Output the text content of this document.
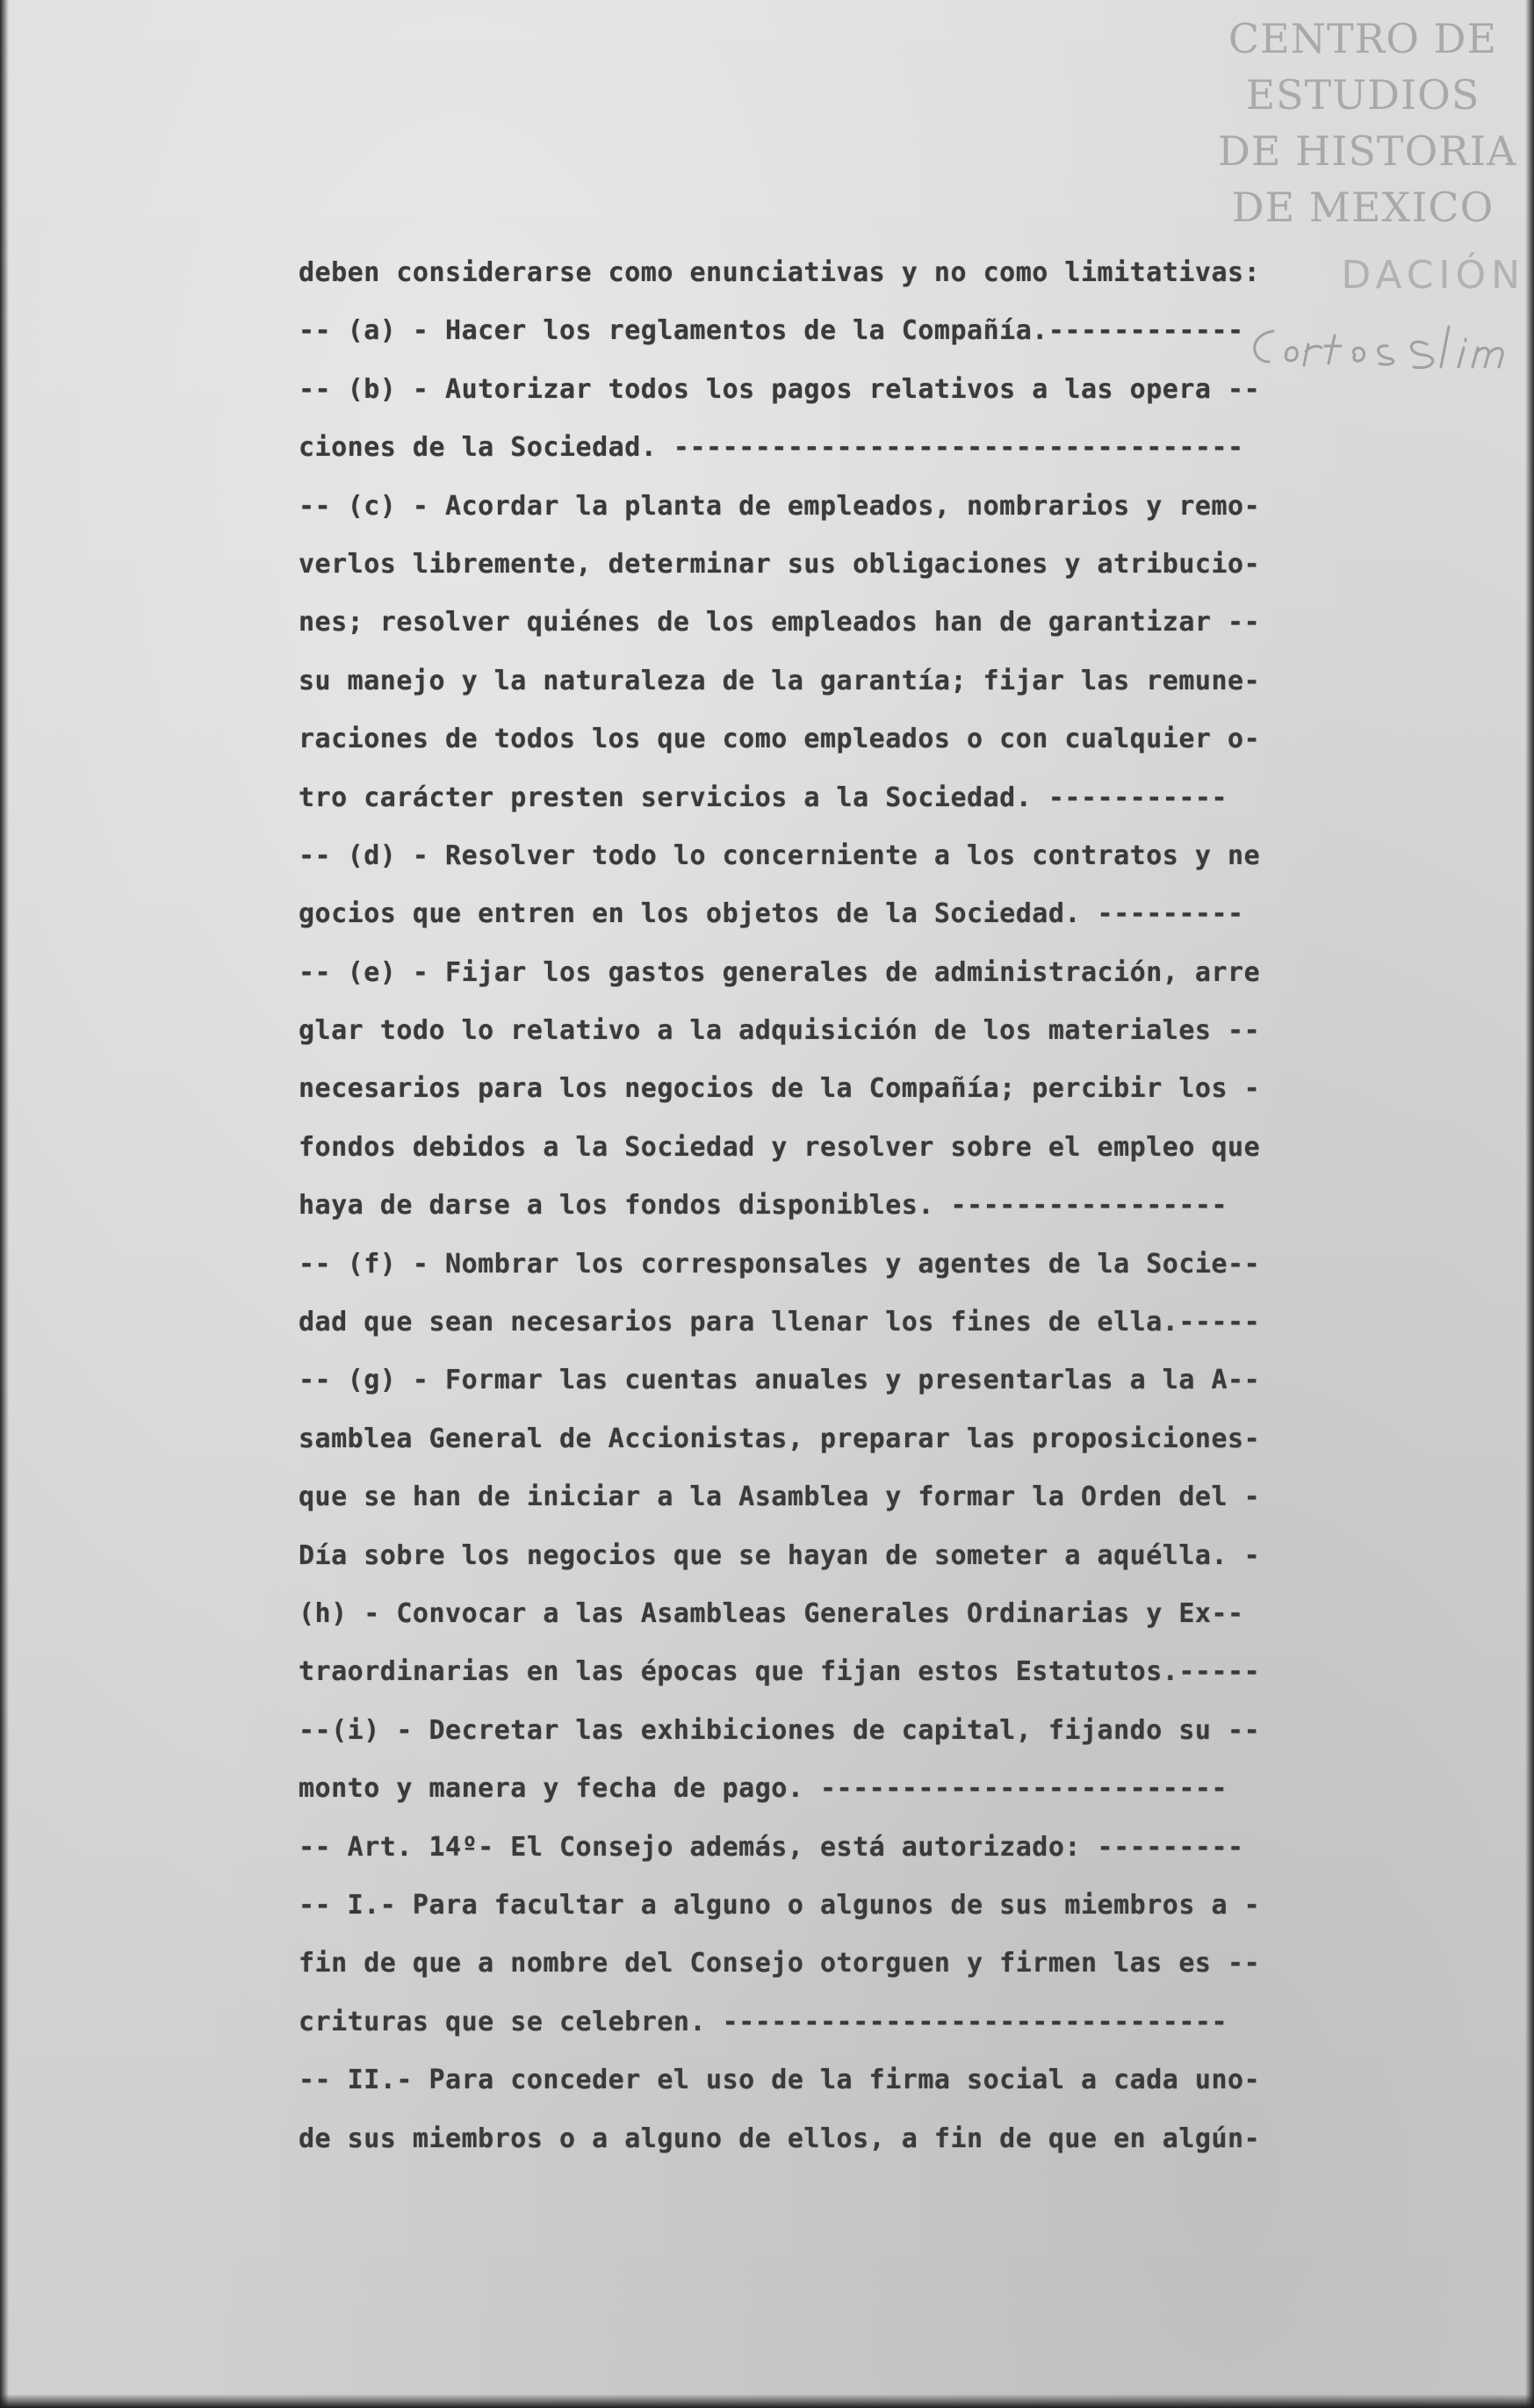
CENTRO DE
ESTUDIOS
DE HISTORIA
DE MEXICO
DACIÓN
deben considerarse como enunciativas y no como limitativas:
-- (a) - Hacer los reglamentos de la Compañía.------------
-- (b) - Autorizar todos los pagos relativos a las opera --
ciones de la Sociedad. -----------------------------------
-- (c) - Acordar la planta de empleados, nombrarios y remo-
verlos libremente, determinar sus obligaciones y atribucio-
nes; resolver quiénes de los empleados han de garantizar --
su manejo y la naturaleza de la garantía; fijar las remune-
raciones de todos los que como empleados o con cualquier o-
tro carácter presten servicios a la Sociedad. -----------
-- (d) - Resolver todo lo concerniente a los contratos y ne
gocios que entren en los objetos de la Sociedad. ---------
-- (e) - Fijar los gastos generales de administración, arre
glar todo lo relativo a la adquisición de los materiales --
necesarios para los negocios de la Compañía; percibir los -
fondos debidos a la Sociedad y resolver sobre el empleo que
haya de darse a los fondos disponibles. -----------------
-- (f) - Nombrar los corresponsales y agentes de la Socie--
dad que sean necesarios para llenar los fines de ella.-----
-- (g) - Formar las cuentas anuales y presentarlas a la A--
samblea General de Accionistas, preparar las proposiciones-
que se han de iniciar a la Asamblea y formar la Orden del -
Día sobre los negocios que se hayan de someter a aquélla. -
(h) - Convocar a las Asambleas Generales Ordinarias y Ex--
traordinarias en las épocas que fijan estos Estatutos.-----
--(i) - Decretar las exhibiciones de capital, fijando su --
monto y manera y fecha de pago. -------------------------
-- Art. 14º- El Consejo además, está autorizado: ---------
-- I.- Para facultar a alguno o algunos de sus miembros a -
fin de que a nombre del Consejo otorguen y firmen las es --
crituras que se celebren. -------------------------------
-- II.- Para conceder el uso de la firma social a cada uno-
de sus miembros o a alguno de ellos, a fin de que en algún-
